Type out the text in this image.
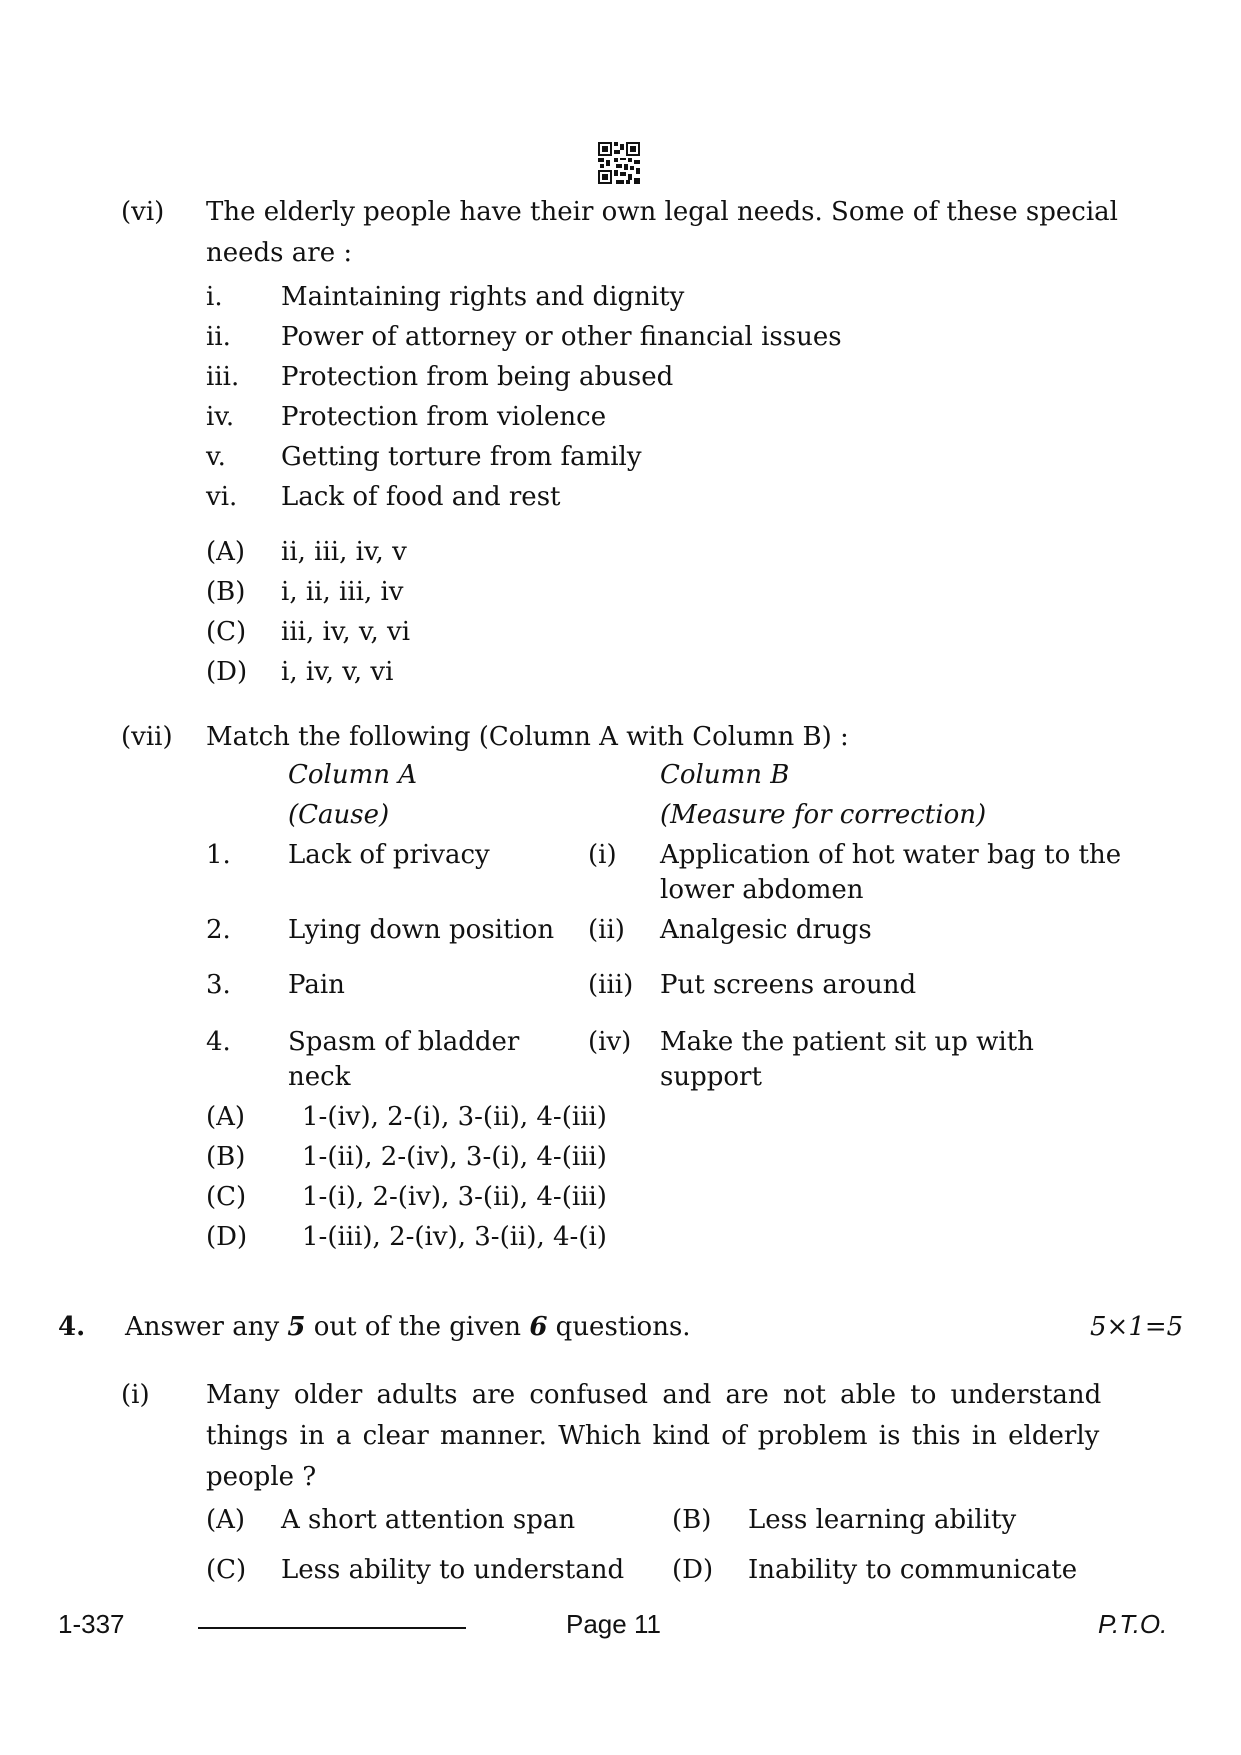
(vi) The elderly people have their own legal needs. Some of these special
needs are :
i. Maintaining rights and dignity
ii. Power of attorney or other financial issues
iii. Protection from being abused
iv. Protection from violence
v. Getting torture from family
vi. Lack of food and rest
(A) ii, iii, iv, v
(B) i, ii, iii, iv
(C) iii, iv, v, vi
(D) i, iv, v, vi
(vii) Match the following (Column A with Column B) :
Column A	Column B
(Cause)	(Measure for correction)
1. Lack of privacy	(i) Application of hot water bag to the
lower abdomen
2. Lying down position (ii) Analgesic drugs
3. Pain	(iii) Put screens around
4. Spasm of bladder
neck
(iv) Make the patient sit up with
support
(A) 1-(iv), 2-(i), 3-(ii), 4-(iii)
(B) 1-(ii), 2-(iv), 3-(i), 4-(iii)
(C) 1-(i), 2-(iv), 3-(ii), 4-(iii)
(D) 1-(iii), 2-(iv), 3-(ii), 4-(i)
4. Answer any 5 out of the given 6 questions.	5×1=5
(i) Many older adults are confused and are not able to understand
things in a clear manner. Which kind of problem is this in elderly
people ?
(A) A short attention span	(B) Less learning ability
(C) Less ability to understand (D) Inability to communicate
1-337	Page 11	P.T.O.
